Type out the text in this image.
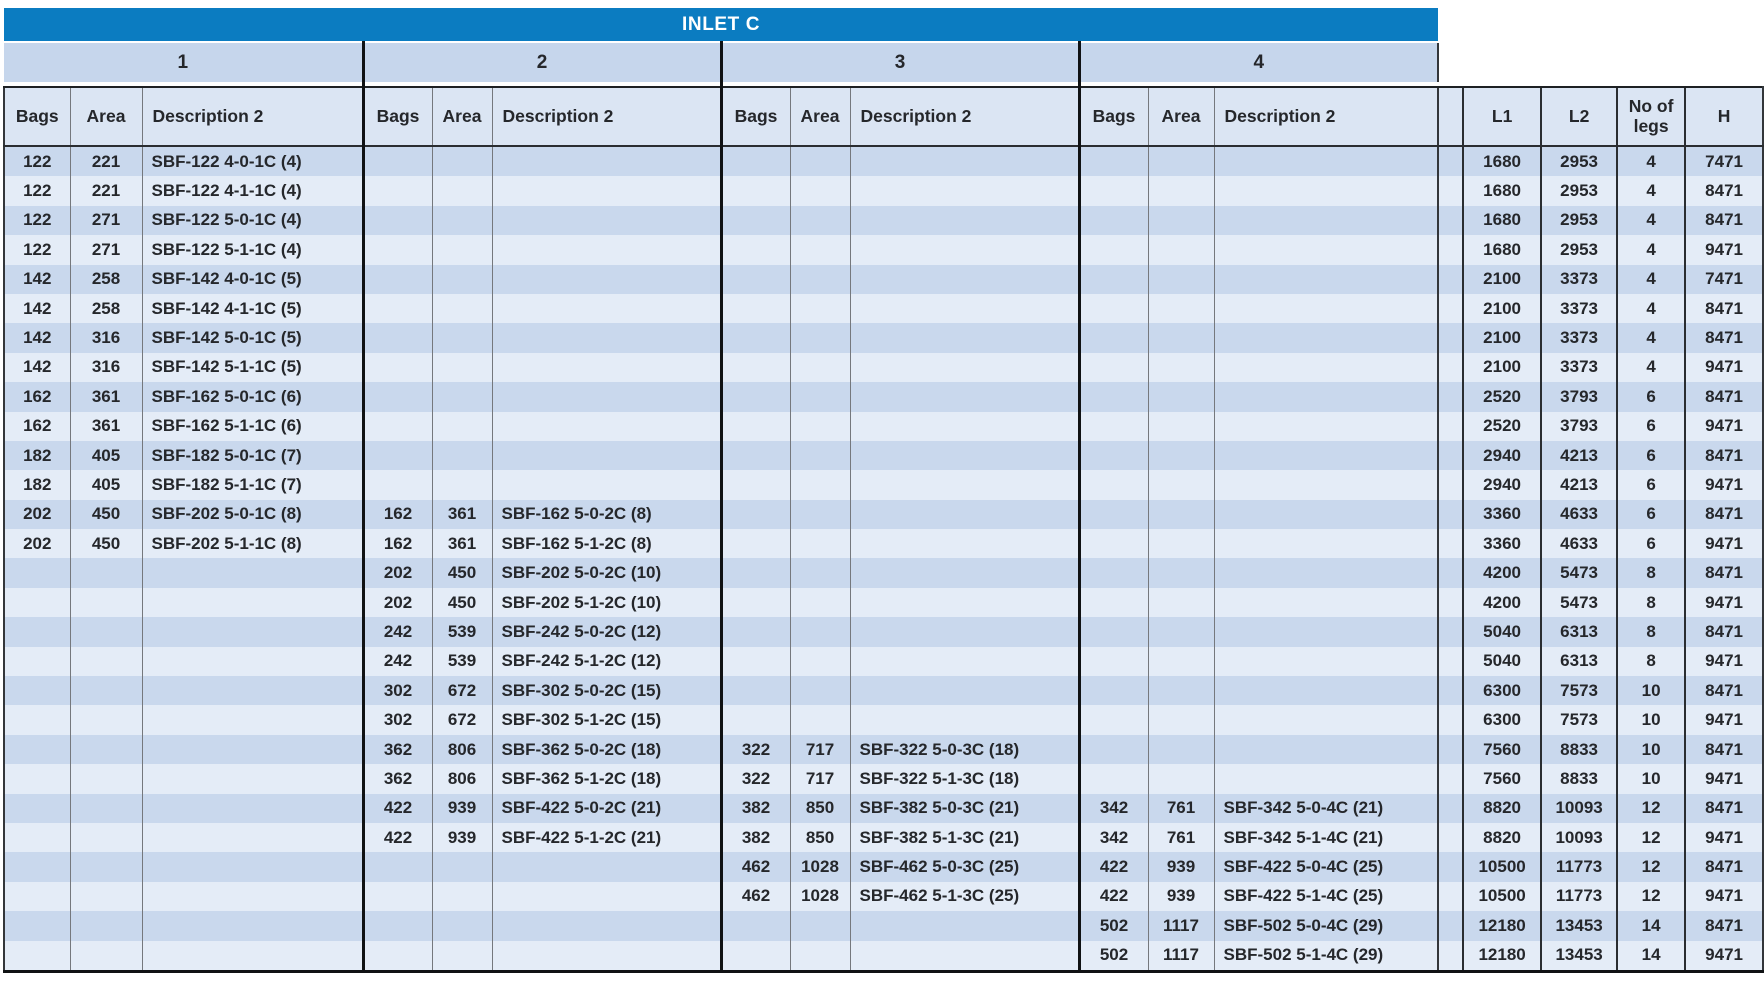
INLET C																
1			2			3			4							

Bags	Area	Description 2	Bags	Area	Description 2	Bags	Area	Description 2	Bags	Area	Description 2		L1	L2	No of legs	H
122	221	SBF-122 4-0-1C (4)											1680	2953	4	7471
122	221	SBF-122 4-1-1C (4)											1680	2953	4	8471
122	271	SBF-122 5-0-1C (4)											1680	2953	4	8471
122	271	SBF-122 5-1-1C (4)											1680	2953	4	9471
142	258	SBF-142 4-0-1C (5)											2100	3373	4	7471
142	258	SBF-142 4-1-1C (5)											2100	3373	4	8471
142	316	SBF-142 5-0-1C (5)											2100	3373	4	8471
142	316	SBF-142 5-1-1C (5)											2100	3373	4	9471
162	361	SBF-162 5-0-1C (6)											2520	3793	6	8471
162	361	SBF-162 5-1-1C (6)											2520	3793	6	9471
182	405	SBF-182 5-0-1C (7)											2940	4213	6	8471
182	405	SBF-182 5-1-1C (7)											2940	4213	6	9471
202	450	SBF-202 5-0-1C (8)	162	361	SBF-162 5-0-2C (8)								3360	4633	6	8471
202	450	SBF-202 5-1-1C (8)	162	361	SBF-162 5-1-2C (8)								3360	4633	6	9471
			202	450	SBF-202 5-0-2C (10)								4200	5473	8	8471
			202	450	SBF-202 5-1-2C (10)								4200	5473	8	9471
			242	539	SBF-242 5-0-2C (12)								5040	6313	8	8471
			242	539	SBF-242 5-1-2C (12)								5040	6313	8	9471
			302	672	SBF-302 5-0-2C (15)								6300	7573	10	8471
			302	672	SBF-302 5-1-2C (15)								6300	7573	10	9471
			362	806	SBF-362 5-0-2C (18)	322	717	SBF-322 5-0-3C (18)					7560	8833	10	8471
			362	806	SBF-362 5-1-2C (18)	322	717	SBF-322 5-1-3C (18)					7560	8833	10	9471
			422	939	SBF-422 5-0-2C (21)	382	850	SBF-382 5-0-3C (21)	342	761	SBF-342 5-0-4C (21)		8820	10093	12	8471
			422	939	SBF-422 5-1-2C (21)	382	850	SBF-382 5-1-3C (21)	342	761	SBF-342 5-1-4C (21)		8820	10093	12	9471
						462	1028	SBF-462 5-0-3C (25)	422	939	SBF-422 5-0-4C (25)		10500	11773	12	8471
						462	1028	SBF-462 5-1-3C (25)	422	939	SBF-422 5-1-4C (25)		10500	11773	12	9471
									502	1117	SBF-502 5-0-4C (29)		12180	13453	14	8471
									502	1117	SBF-502 5-1-4C (29)		12180	13453	14	9471
